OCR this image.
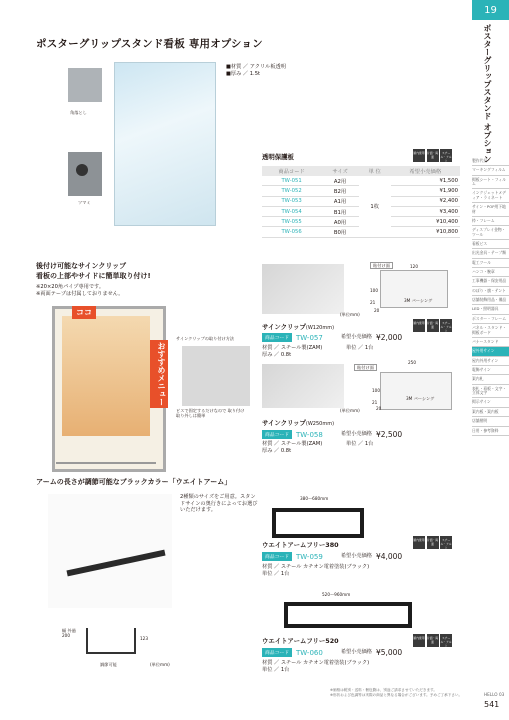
19
ポスターグリップスタンド オプション
製作代行
マーキングフィルム
掲板シート・フィルム
インクジェットメディア・ラミネート
サイン・POP用下地材
枠・フレーム
ディスプレイ金物・ツール
看板ピス
出光金具・テープ類
電工ツール
ハンコ・腕章
工事機器・保安用品
のぼり・旗・テント
店舗装飾用品・備品
LED・照明器具
ポスター・フレーム
パネル・スタンド・掲板ボード
バナースタンド
屋外用サイン
屋内外用サイン
電飾サイン
案内札
表札・看板・文字・立体文字
掲示サイン
案内板・案内板
店舗照明
日用・参考資料
ポスターグリップスタンド看板 専用オプション
角落とし
ツマミ
■材質 ／ アクリル板透明
■厚み ／ 1.5t
透明保護板	屋内使用 片面・両面
スチール・アルミ
商品コード	サイズ	単 位	希望小売価格
TW-051	A2用	1枚	¥1,500
TW-052	B2用		¥1,900
TW-053	A1用		¥2,400
TW-054	B1用		¥3,400
TW-055	A0用		¥10,400
TW-056	B0用		¥10,800
後付け可能なサインクリップ
看板の上部やサイドに簡単取り付け!
※20×20角パイプ専用です。
※両面テープは付属しておりません。
ココ
おすすめメニュー
サインクリップの取り付け方法
ビスで固定するだけなので 取り付け取り外しは簡単
貼付け面	120
100
21
20
3M バーシング
(単位mm)
サインクリップ(W120mm)
屋内使用 片面・両面
スチール・アルミ
商品コード	TW-057	希望小売価格 ¥2,000
材質 ／ スチール製(ZAM)	単位 ／ 1台
厚み ／ 0.8t
貼付け面
250
100
21
20
3M バーシング
(単位mm)
サインクリップ(W250mm)
商品コード	TW-058	希望小売価格 ¥2,500
材質 ／ スチール製(ZAM)	単位 ／ 1台
厚み ／ 0.8t
アームの長さが調節可能なブラックカラー「ウエイトアーム」
2種類のサイズをご用意。スタンドサインの奥行きによってお選びいただけます。
幅 外過 200
123
調節可能	(単位mm)
380〜680mm
ウエイトアームフリー380
屋内使用 片面・両面
スチール・アルミ
商品コード	TW-059	希望小売価格 ¥4,000
材質 ／ スチール カチオン電着塗装(ブラック)
単位 ／ 1台
520〜960mm
ウエイトアームフリー520	屋内使用 片面・両面
スチール・アルミ
商品コード	TW-060	希望小売価格 ¥5,000
材質 ／ スチール カチオン電着塗装(ブラック)
単位 ／ 1台
※価格は税別・送料・梱包費は、別途ご請求させていただきます。
※形状および色調等は実際の商品と異なる場合がございます。予めご了承下さい。	HELLO 03
541
